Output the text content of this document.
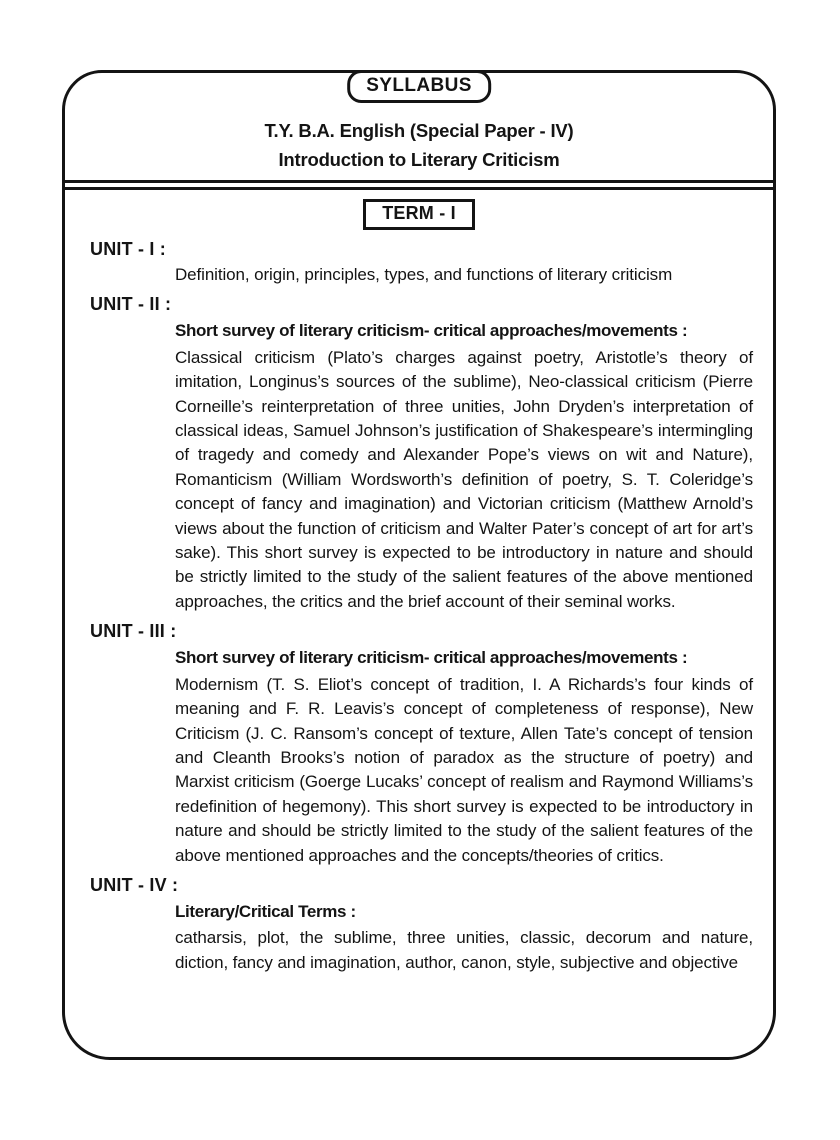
SYLLABUS
T.Y. B.A. English (Special Paper - IV)
Introduction to Literary Criticism
TERM - I
UNIT - I :
Definition, origin, principles, types, and functions of literary criticism
UNIT - II :
Short survey of literary criticism- critical approaches/movements :
Classical criticism (Plato’s charges against poetry, Aristotle’s theory of imitation, Longinus’s sources of the sublime), Neo-classical criticism (Pierre Corneille’s reinterpretation of three unities, John Dryden’s interpretation of classical ideas, Samuel Johnson’s justification of Shakespeare’s intermingling of tragedy and comedy and Alexander Pope’s views on wit and Nature), Romanticism (William Wordsworth’s definition of poetry, S. T. Coleridge’s concept of fancy and imagination) and Victorian criticism (Matthew Arnold’s views about the function of criticism and Walter Pater’s concept of art for art’s sake). This short survey is expected to be introductory in nature and should be strictly limited to the study of the salient features of the above mentioned approaches, the critics and the brief account of their seminal works.
UNIT - III :
Short survey of literary criticism- critical approaches/movements :
Modernism (T. S. Eliot’s concept of tradition, I. A Richards’s four kinds of meaning and F. R. Leavis’s concept of completeness of response), New Criticism (J. C. Ransom’s concept of texture, Allen Tate’s concept of tension and Cleanth Brooks’s notion of paradox as the structure of poetry) and Marxist criticism (Goerge Lucaks’ concept of realism and Raymond Williams’s redefinition of hegemony). This short survey is expected to be introductory in nature and should be strictly limited to the study of the salient features of the above mentioned approaches and the concepts/theories of critics.
UNIT - IV :
Literary/Critical Terms :
catharsis, plot, the sublime, three unities, classic, decorum and nature, diction, fancy and imagination, author, canon, style, subjective and objective
